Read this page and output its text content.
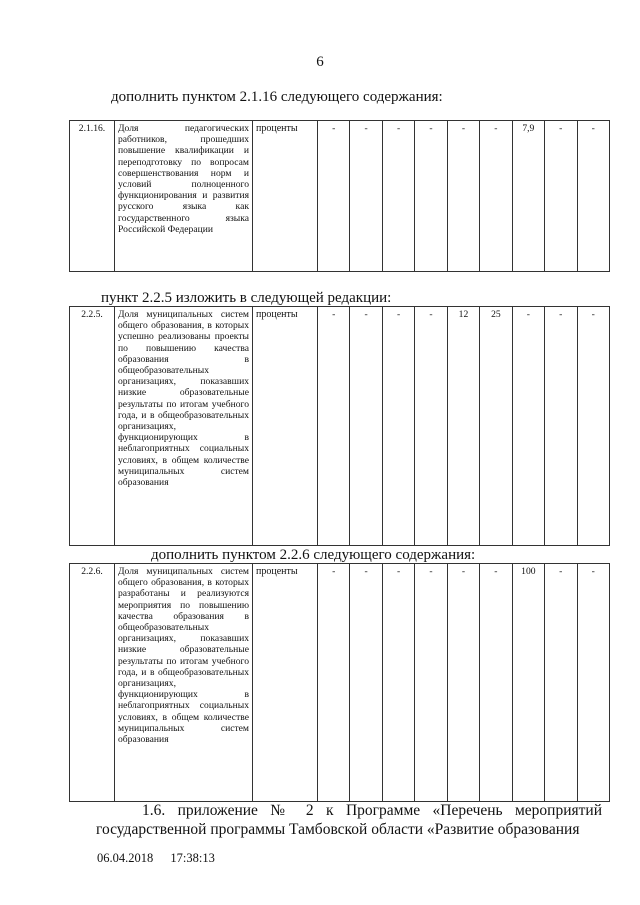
6
дополнить пунктом 2.1.16 следующего содержания:
2.1.16.	Доля педагогических работников, прошедших повышение квалификации и переподготовку по вопросам совершенствования норм и условий полноценного функционирования и развития русского языка как государственного языка Российской Федерации	проценты	-	-	-	-	-	-	7,9	-	-
пункт 2.2.5 изложить в следующей редакции:
2.2.5.	Доля муниципальных систем общего образования, в которых успешно реализованы проекты по повышению качества образования в общеобразовательных организациях, показавших низкие образовательные результаты по итогам учебного года, и в общеобразовательных организациях, функционирующих в неблагоприятных социальных условиях, в общем количестве муниципальных систем образования	проценты	-	-	-	-	12	25	-	-	-
дополнить пунктом 2.2.6 следующего содержания:
2.2.6.	Доля муниципальных систем общего образования, в которых разработаны и реализуются мероприятия по повышению качества образования в общеобразовательных организациях, показавших низкие образовательные результаты по итогам учебного года, и в общеобразовательных организациях, функционирующих в неблагоприятных социальных условиях, в общем количестве муниципальных систем образования	проценты	-	-	-	-	-	-	100	-	-
1.6. приложение № 2 к Программе «Перечень мероприятий государственной программы Тамбовской области «Развитие образования
06.04.2018 17:38:13
